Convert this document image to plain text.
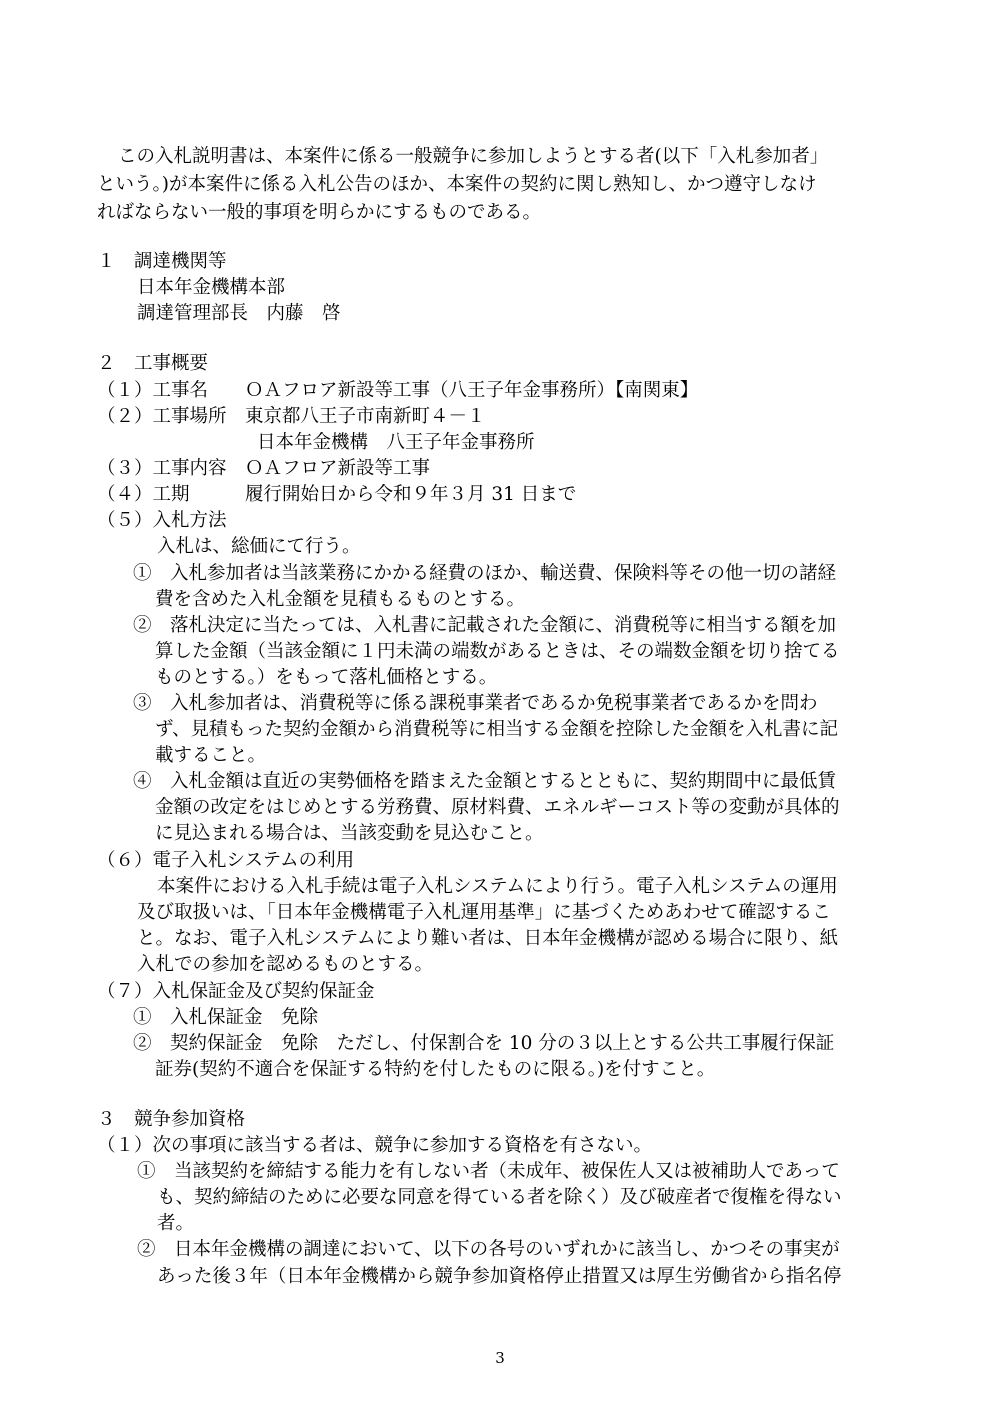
この入札説明書は、本案件に係る一般競争に参加しようとする者(以下「入札参加者」
という。)が本案件に係る入札公告のほか、本案件の契約に関し熟知し、かつ遵守しなけ
ればならない一般的事項を明らかにするものである。
１　調達機関等
日本年金機構本部
調達管理部長　内藤　啓
２　工事概要
（１）工事名　　ＯＡフロア新設等工事（八王子年金事務所）【南関東】
（２）工事場所　東京都八王子市南新町４－１
日本年金機構　八王子年金事務所
（３）工事内容　ＯＡフロア新設等工事
（４）工期　　　履行開始日から令和９年３月 31 日まで
（５）入札方法
入札は、総価にて行う。
①　入札参加者は当該業務にかかる経費のほか、輸送費、保険料等その他一切の諸経
費を含めた入札金額を見積もるものとする。
②　落札決定に当たっては、入札書に記載された金額に、消費税等に相当する額を加
算した金額（当該金額に１円未満の端数があるときは、その端数金額を切り捨てる
ものとする。）をもって落札価格とする。
③　入札参加者は、消費税等に係る課税事業者であるか免税事業者であるかを問わ
ず、見積もった契約金額から消費税等に相当する金額を控除した金額を入札書に記
載すること。
④　入札金額は直近の実勢価格を踏まえた金額とするとともに、契約期間中に最低賃
金額の改定をはじめとする労務費、原材料費、エネルギーコスト等の変動が具体的
に見込まれる場合は、当該変動を見込むこと。
（６）電子入札システムの利用
本案件における入札手続は電子入札システムにより行う。電子入札システムの運用
及び取扱いは、「日本年金機構電子入札運用基準」に基づくためあわせて確認するこ
と。なお、電子入札システムにより難い者は、日本年金機構が認める場合に限り、紙
入札での参加を認めるものとする。
（７）入札保証金及び契約保証金
①　入札保証金　免除
②　契約保証金　免除　ただし、付保割合を 10 分の３以上とする公共工事履行保証
証券(契約不適合を保証する特約を付したものに限る。)を付すこと。
３　競争参加資格
（１）次の事項に該当する者は、競争に参加する資格を有さない。
①　当該契約を締結する能力を有しない者（未成年、被保佐人又は被補助人であって
も、契約締結のために必要な同意を得ている者を除く）及び破産者で復権を得ない
者。
②　日本年金機構の調達において、以下の各号のいずれかに該当し、かつその事実が
あった後３年（日本年金機構から競争参加資格停止措置又は厚生労働省から指名停
3
